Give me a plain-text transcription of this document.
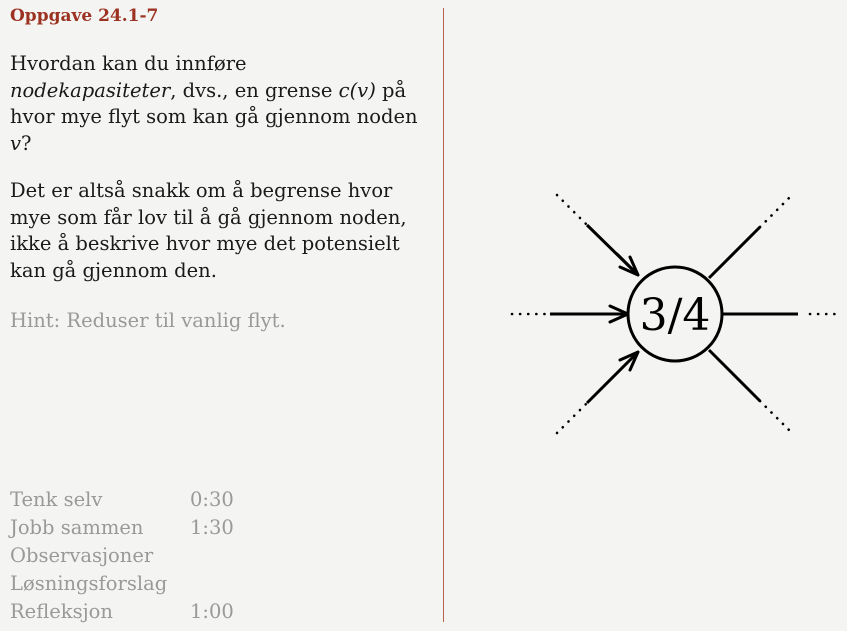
Oppgave 24.1-7

Hvordan kan du innføre
nodekapasiteter, dvs., en grense c(v) på hvor mye flyt som kan gå gjennom noden v?

Det er altså snakk om å begrense hvor mye som får lov til å gå gjennom noden, ikke å beskrive hvor mye det potensielt kan gå gjennom den.

Hint: Reduser til vanlig flyt.

Tenk selv	0:30
Jobb sammen	1:30
Observasjoner
Løsningsforslag
Refleksjon	1:00
3/4
